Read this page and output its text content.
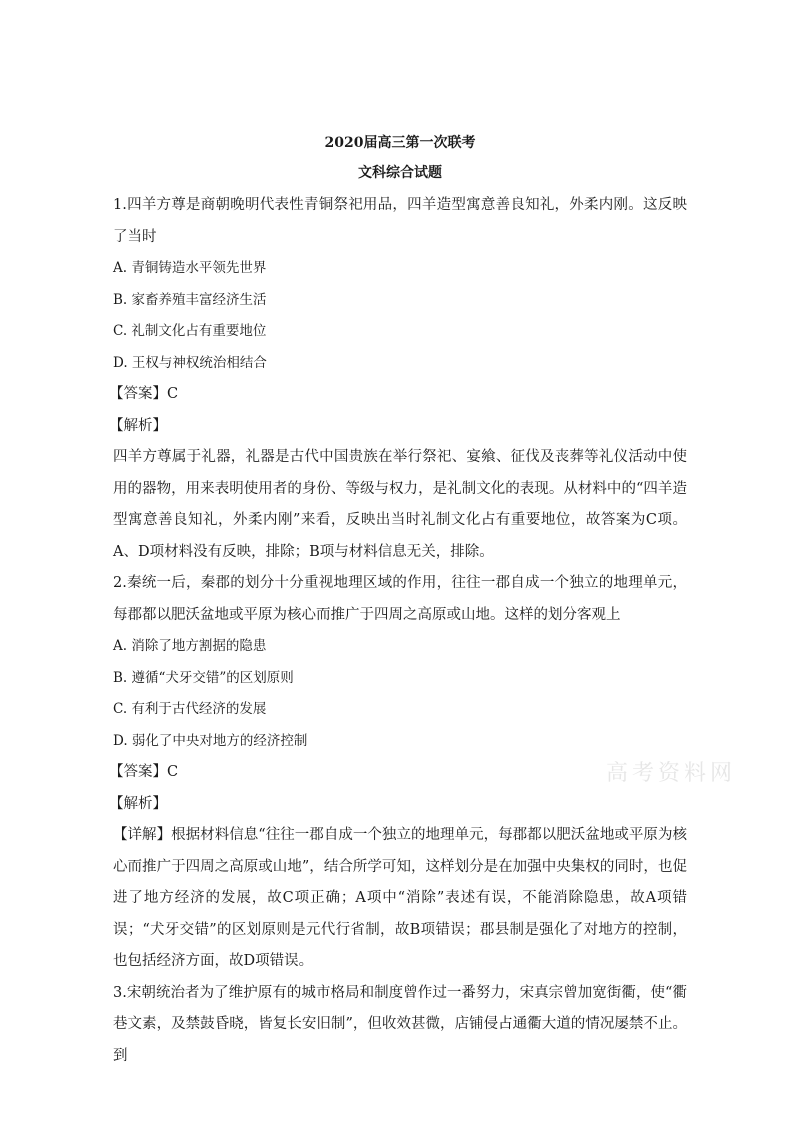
2020届高三第一次联考

文科综合试题

1.四羊方尊是商朝晚明代表性青铜祭祀用品，四羊造型寓意善良知礼，外柔内刚。这反映了当时

A. 青铜铸造水平领先世界

B. 家畜养殖丰富经济生活

C. 礼制文化占有重要地位

D. 王权与神权统治相结合

【答案】C

【解析】

四羊方尊属于礼器，礼器是古代中国贵族在举行祭祀、宴飨、征伐及丧葬等礼仪活动中使用的器物，用来表明使用者的身份、等级与权力，是礼制文化的表现。从材料中的“四羊造型寓意善良知礼，外柔内刚”来看，反映出当时礼制文化占有重要地位，故答案为C项。A、D项材料没有反映，排除；B项与材料信息无关，排除。

2.秦统一后，秦郡的划分十分重视地理区域的作用，往往一郡自成一个独立的地理单元，每郡都以肥沃盆地或平原为核心而推广于四周之高原或山地。这样的划分客观上

A. 消除了地方割据的隐患

B. 遵循“犬牙交错”的区划原则

C. 有利于古代经济的发展

D. 弱化了中央对地方的经济控制

【答案】C

【解析】

【详解】根据材料信息“往往一郡自成一个独立的地理单元，每郡都以肥沃盆地或平原为核心而推广于四周之高原或山地”，结合所学可知，这样划分是在加强中央集权的同时，也促进了地方经济的发展，故C项正确；A项中“消除”表述有误，不能消除隐患，故A项错误；“犬牙交错”的区划原则是元代行省制，故B项错误；郡县制是强化了对地方的控制，也包括经济方面，故D项错误。

3.宋朝统治者为了维护原有的城市格局和制度曾作过一番努力，宋真宗曾加宽街衢，使“衢巷文素，及禁鼓昏晓，皆复长安旧制”，但收效甚微，店铺侵占通衢大道的情况屡禁不止。到

高考资料网
